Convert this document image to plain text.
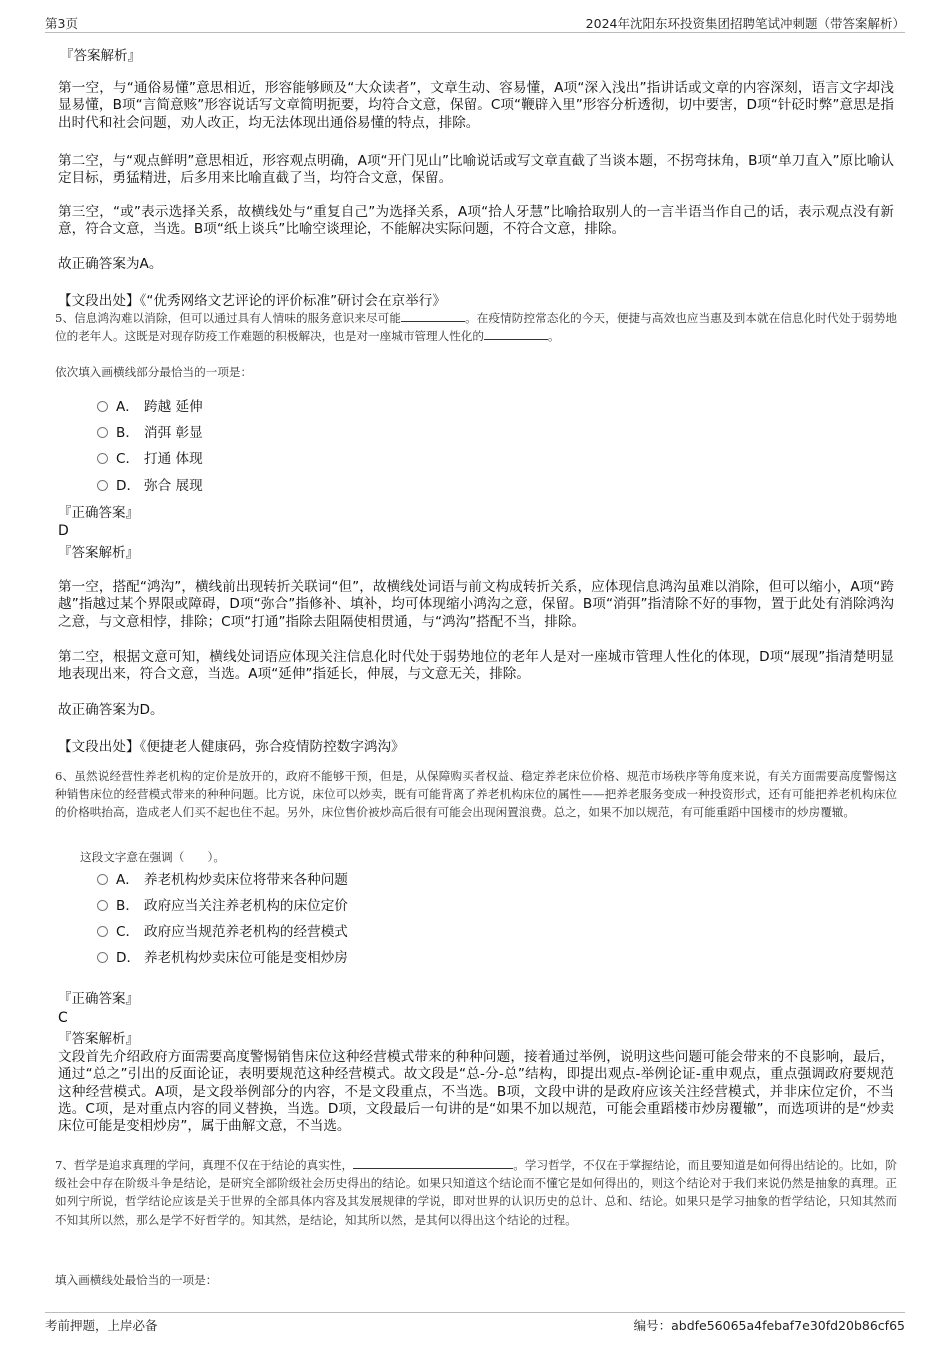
第3页	2024年沈阳东环投资集团招聘笔试冲刺题（带答案解析）
『答案解析』
第一空，与“通俗易懂”意思相近，形容能够顾及“大众读者”，文章生动、容易懂，A项“深入浅出”指讲话或文章的内容深刻，语言文字却浅显易懂，B项“言简意赅”形容说话写文章简明扼要，均符合文意，保留。C项“鞭辟入里”形容分析透彻，切中要害，D项“针砭时弊”意思是指出时代和社会问题，劝人改正，均无法体现出通俗易懂的特点，排除。
第二空，与“观点鲜明”意思相近，形容观点明确，A项“开门见山”比喻说话或写文章直截了当谈本题，不拐弯抹角，B项“单刀直入”原比喻认定目标，勇猛精进，后多用来比喻直截了当，均符合文意，保留。
第三空，“或”表示选择关系，故横线处与“重复自己”为选择关系，A项“拾人牙慧”比喻拾取别人的一言半语当作自己的话，表示观点没有新意，符合文意，当选。B项“纸上谈兵”比喻空谈理论，不能解决实际问题，不符合文意，排除。
故正确答案为A。
【文段出处】《“优秀网络文艺评论的评价标准”研讨会在京举行》
5、信息鸿沟难以消除，但可以通过具有人情味的服务意识来尽可能	。在疫情防控常态化的今天，便捷与高效也应当惠及到本就在信息化时代处于弱势地位的老年人。这既是对现存防疫工作难题的积极解决，也是对一座城市管理人性化的	。
依次填入画横线部分最恰当的一项是：
A． 跨越 延伸
B． 消弭 彰显
C． 打通 体现
D． 弥合 展现
『正确答案』
D
『答案解析』
第一空，搭配“鸿沟”，横线前出现转折关联词“但”，故横线处词语与前文构成转折关系，应体现信息鸿沟虽难以消除，但可以缩小，A项“跨越”指越过某个界限或障碍，D项“弥合”指修补、填补，均可体现缩小鸿沟之意，保留。B项“消弭”指清除不好的事物，置于此处有消除鸿沟之意，与文意相悖，排除；C项“打通”指除去阻隔使相贯通，与“鸿沟”搭配不当，排除。
第二空，根据文意可知，横线处词语应体现关注信息化时代处于弱势地位的老年人是对一座城市管理人性化的体现，D项“展现”指清楚明显地表现出来，符合文意，当选。A项“延伸”指延长，伸展，与文意无关，排除。
故正确答案为D。
【文段出处】《便捷老人健康码，弥合疫情防控数字鸿沟》
6、虽然说经营性养老机构的定价是放开的，政府不能够干预，但是，从保障购买者权益、稳定养老床位价格、规范市场秩序等角度来说，有关方面需要高度警惕这种销售床位的经营模式带来的种种问题。比方说，床位可以炒卖，既有可能背离了养老机构床位的属性——把养老服务变成一种投资形式，还有可能把养老机构床位的价格哄抬高，造成老人们买不起也住不起。另外，床位售价被炒高后很有可能会出现闲置浪费。总之，如果不加以规范，有可能重蹈中国楼市的炒房覆辙。
这段文字意在强调（　　）。
A． 养老机构炒卖床位将带来各种问题
B． 政府应当关注养老机构的床位定价
C． 政府应当规范养老机构的经营模式
D． 养老机构炒卖床位可能是变相炒房
『正确答案』
C
『答案解析』
文段首先介绍政府方面需要高度警惕销售床位这种经营模式带来的种种问题，接着通过举例，说明这些问题可能会带来的不良影响，最后，通过“总之”引出的反面论证，表明要规范这种经营模式。故文段是“总-分-总”结构，即提出观点-举例论证-重申观点，重点强调政府要规范这种经营模式。A项，是文段举例部分的内容，不是文段重点，不当选。B项，文段中讲的是政府应该关注经营模式，并非床位定价，不当选。C项，是对重点内容的同义替换，当选。D项，文段最后一句讲的是“如果不加以规范，可能会重蹈楼市炒房覆辙”，而选项讲的是“炒卖床位可能是变相炒房”，属于曲解文意，不当选。
7、哲学是追求真理的学问，真理不仅在于结论的真实性，	。学习哲学，不仅在于掌握结论，而且要知道是如何得出结论的。比如，阶级社会中存在阶级斗争是结论，是研究全部阶级社会历史得出的结论。如果只知道这个结论而不懂它是如何得出的，则这个结论对于我们来说仍然是抽象的真理。正如列宁所说，哲学结论应该是关于世界的全部具体内容及其发展规律的学说，即对世界的认识历史的总计、总和、结论。如果只是学习抽象的哲学结论，只知其然而不知其所以然，那么是学不好哲学的。知其然，是结论，知其所以然，是其何以得出这个结论的过程。
填入画横线处最恰当的一项是：
考前押题，上岸必备	编号：abdfe56065a4febaf7e30fd20b86cf65
